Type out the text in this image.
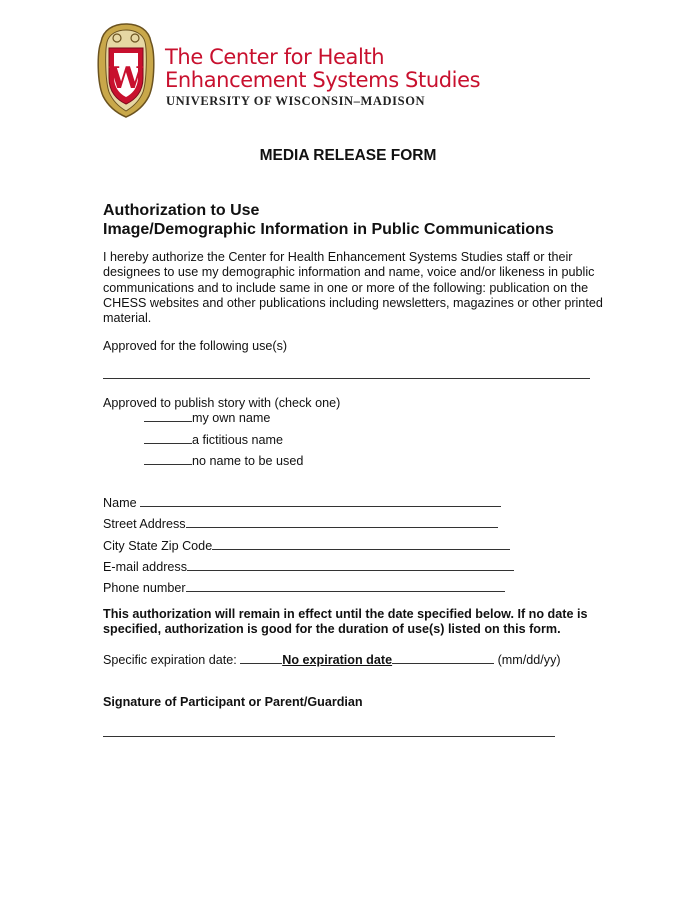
W
The Center for Health
Enhancement Systems Studies
UNIVERSITY OF WISCONSIN–MADISON
MEDIA RELEASE FORM
Authorization to Use
Image/Demographic Information in Public Communications
I hereby authorize the Center for Health Enhancement Systems Studies staff or their designees to use my demographic information and name, voice and/or likeness in public communications and to include same in one or more of the following: publication on the CHESS websites and other publications including newsletters, magazines or other printed material.
Approved for the following use(s)
Approved to publish story with (check one)
my own name
a fictitious name
no name to be used
Name
Street Address
City State Zip Code
E-mail address
Phone number
This authorization will remain in effect until the date specified below. If no date is specified, authorization is good for the duration of use(s) listed on this form.
Specific expiration date:	No expiration date	(mm/dd/yy)
Signature of Participant or Parent/Guardian
